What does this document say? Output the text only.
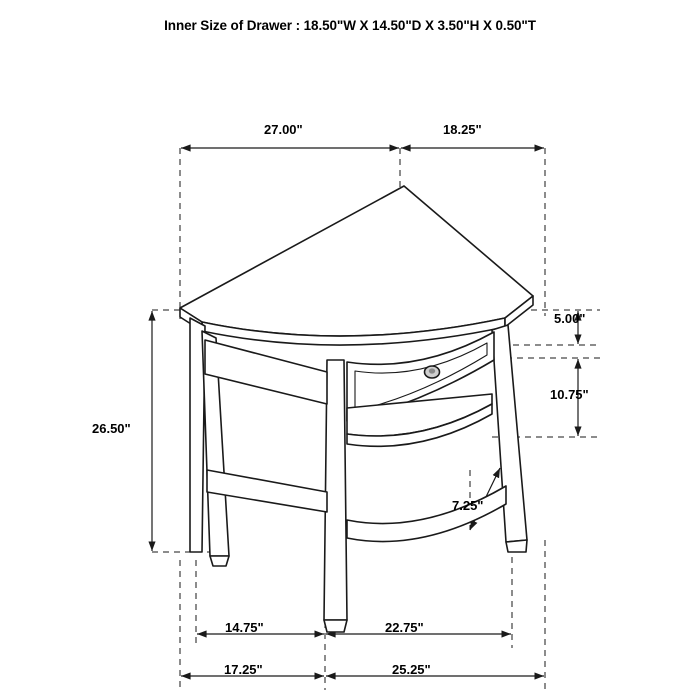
Inner Size of Drawer : 18.50"W X 14.50"D X 3.50"H X 0.50"T
27.00"	18.25"
5.00"
10.75"
7.25"
26.50"
14.75"	22.75"
17.25"	25.25"
